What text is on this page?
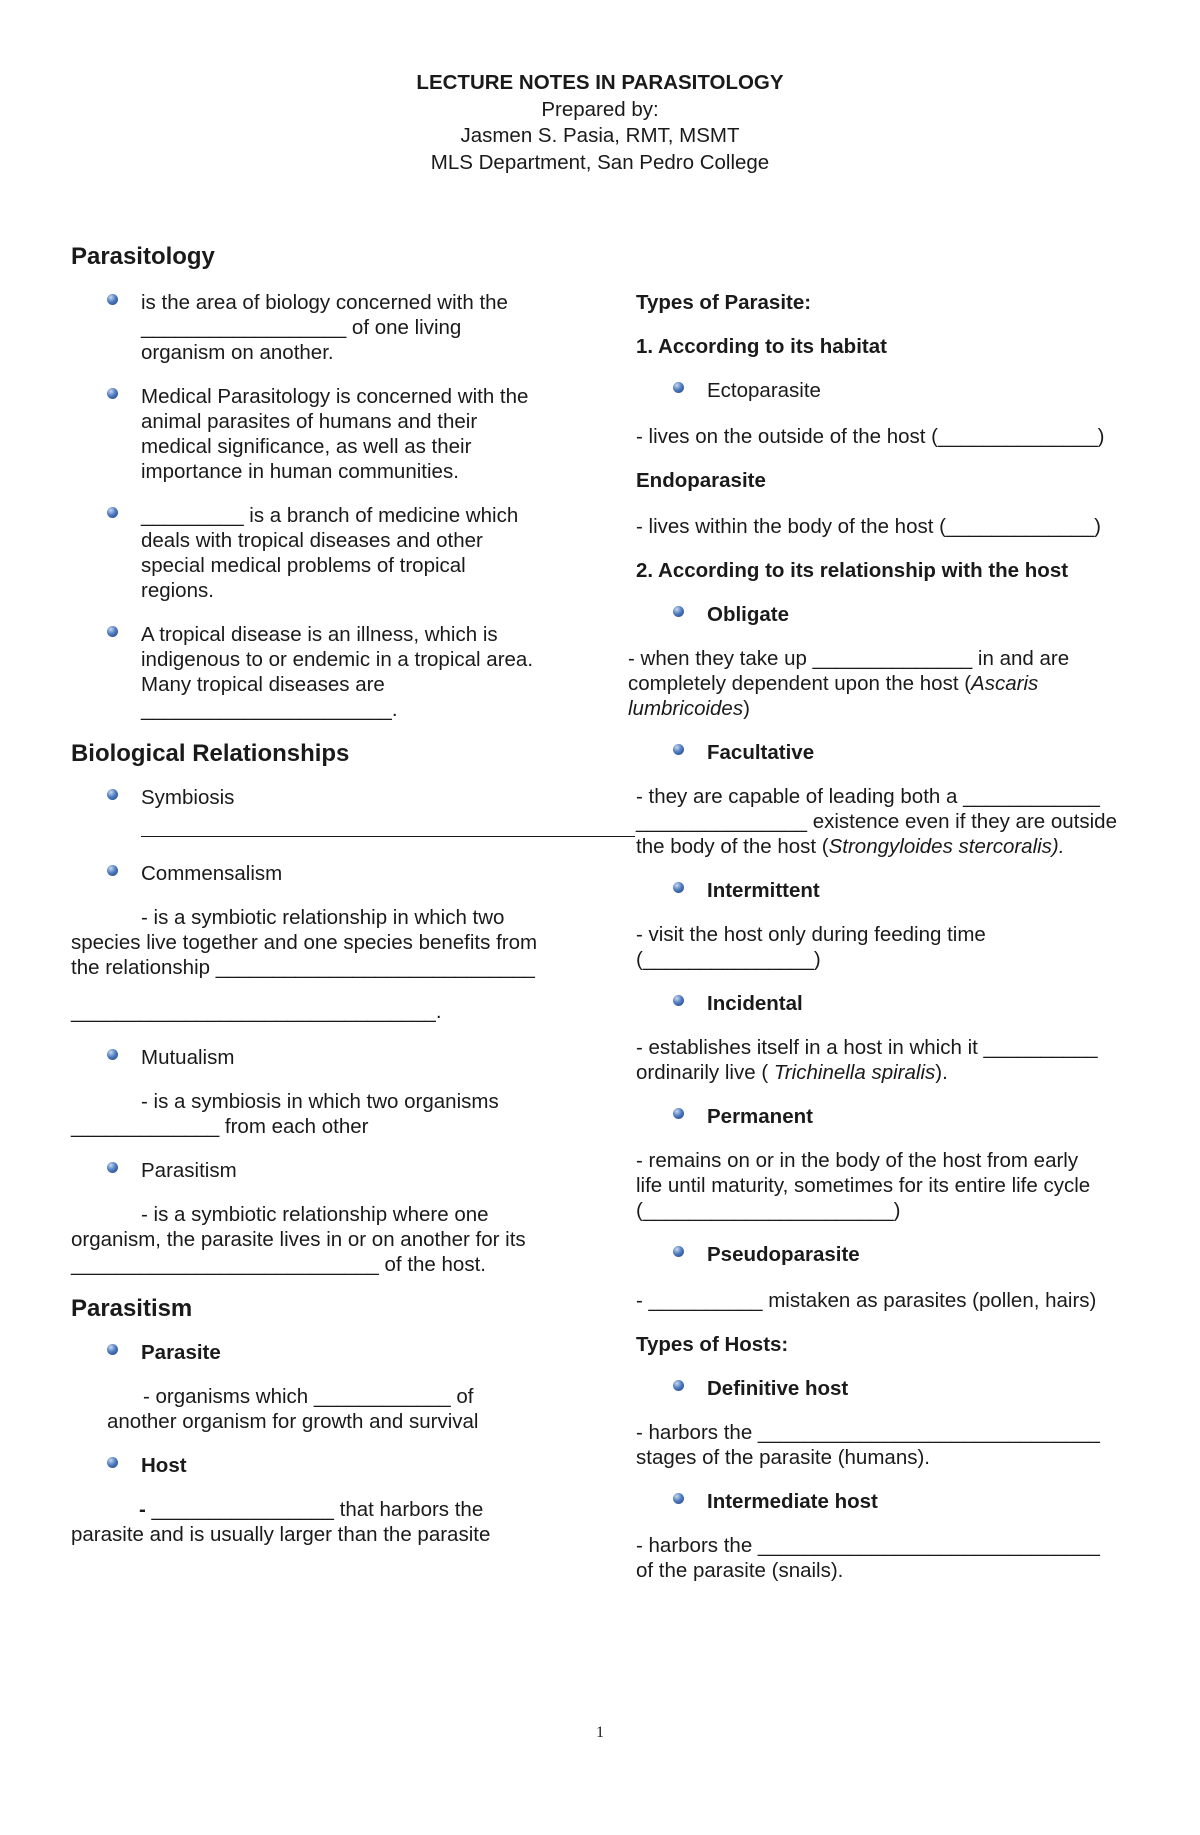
LECTURE NOTES IN PARASITOLOGY

Prepared by:

Jasmen S. Pasia, RMT, MSMT

MLS Department, San Pedro College

Parasitology

is the area of biology concerned with the

__________________ of one living

organism on another.

Medical Parasitology is concerned with the

animal parasites of humans and their

medical significance, as well as their

importance in human communities.

_________ is a branch of medicine which

deals with tropical diseases and other

special medical problems of tropical

regions.

A tropical disease is an illness, which is

indigenous to or endemic in a tropical area.

Many tropical diseases are

______________________.

Biological Relationships

Symbiosis

Commensalism

- is a symbiotic relationship in which two

species live together and one species benefits from

the relationship ____________________________

________________________________.

Mutualism

- is a symbiosis in which two organisms

_____________ from each other

Parasitism

- is a symbiotic relationship where one

organism, the parasite lives in or on another for its

___________________________ of the host.

Parasitism

Parasite

- organisms which ____________ of

another organism for growth and survival

Host

- ________________ that harbors the

parasite and is usually larger than the parasite

Types of Parasite:

1. According to its habitat

Ectoparasite

- lives on the outside of the host (______________)

Endoparasite

- lives within the body of the host (_____________)

2. According to its relationship with the host

Obligate

- when they take up ______________ in and are

completely dependent upon the host (Ascaris

lumbricoides)

Facultative

- they are capable of leading both a ____________

_______________ existence even if they are outside

the body of the host (Strongyloides stercoralis).

Intermittent

- visit the host only during feeding time

(_______________)

Incidental

- establishes itself in a host in which it __________

ordinarily live ( Trichinella spiralis).

Permanent

- remains on or in the body of the host from early

life until maturity, sometimes for its entire life cycle

(______________________)

Pseudoparasite

- __________ mistaken as parasites (pollen, hairs)

Types of Hosts:

Definitive host

- harbors the ______________________________

stages of the parasite (humans).

Intermediate host

- harbors the ______________________________

of the parasite (snails).

1
